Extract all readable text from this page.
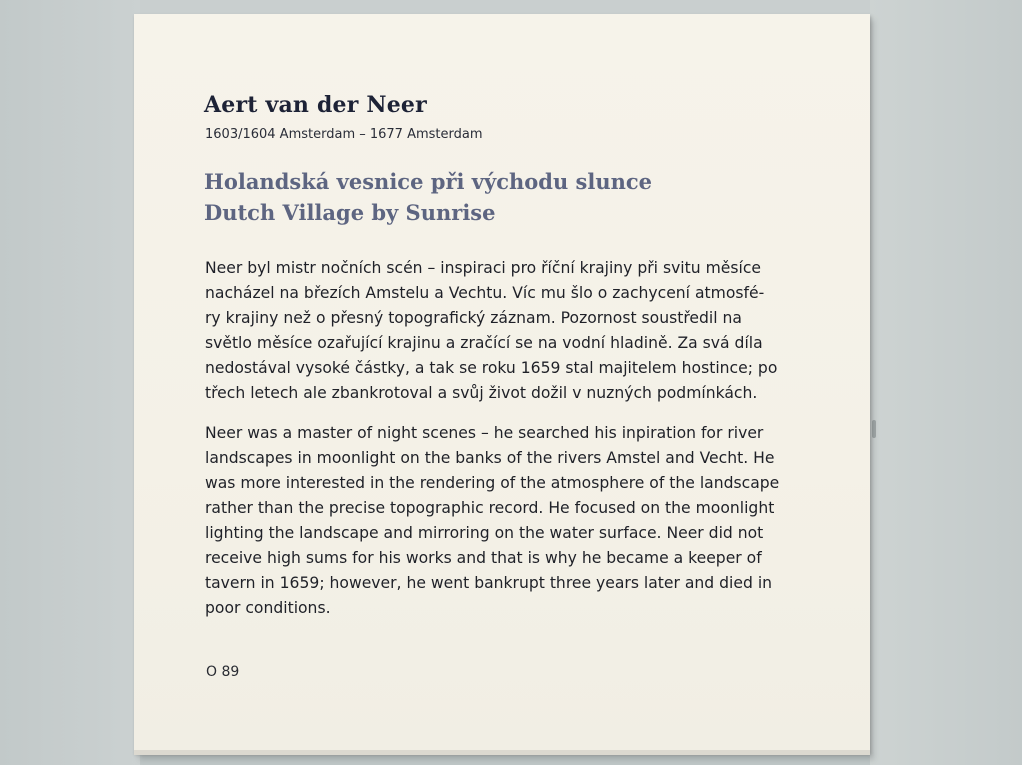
Aert van der Neer
1603/1604 Amsterdam – 1677 Amsterdam
Holandská vesnice při východu slunce
Dutch Village by Sunrise
Neer byl mistr nočních scén – inspiraci pro říční krajiny při svitu měsíce
nacházel na březích Amstelu a Vechtu. Víc mu šlo o zachycení atmosfé-
ry krajiny než o přesný topografický záznam. Pozornost soustředil na
světlo měsíce ozařující krajinu a zračící se na vodní hladině. Za svá díla
nedostával vysoké částky, a tak se roku 1659 stal majitelem hostince; po
třech letech ale zbankrotoval a svůj život dožil v nuzných podmínkách.
Neer was a master of night scenes – he searched his inpiration for river
landscapes in moonlight on the banks of the rivers Amstel and Vecht. He
was more interested in the rendering of the atmosphere of the landscape
rather than the precise topographic record. He focused on the moonlight
lighting the landscape and mirroring on the water surface. Neer did not
receive high sums for his works and that is why he became a keeper of
tavern in 1659; however, he went bankrupt three years later and died in
poor conditions.
O 89
